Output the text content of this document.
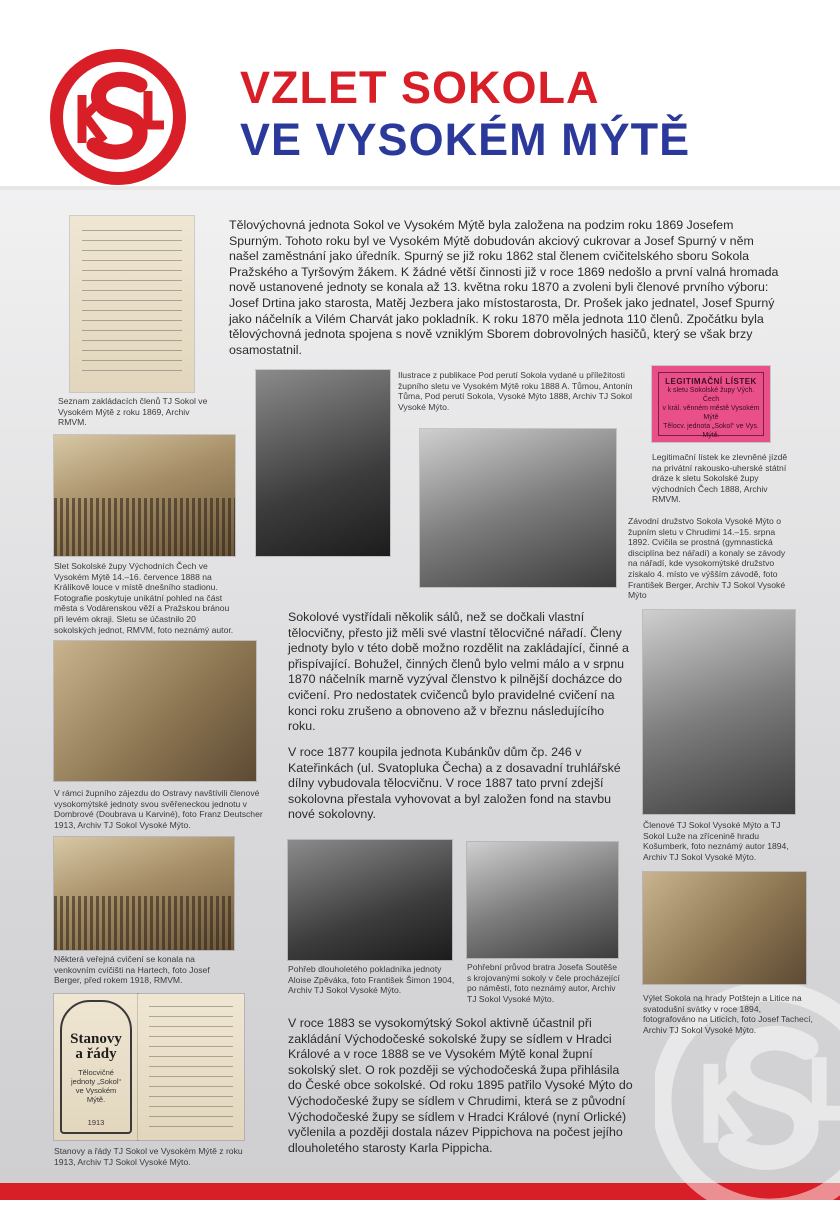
VZLET SOKOLA
VE VYSOKÉM MÝTĚ

Seznam zakládacích členů TJ Sokol ve Vysokém Mýtě z roku 1869, Archiv RMVM.

Tělovýchovná jednota Sokol ve Vysokém Mýtě byla založena na podzim roku 1869 Josefem Spurným. Tohoto roku byl ve Vysokém Mýtě dobudován akciový cukrovar a Josef Spurný v něm našel zaměstnání jako úředník. Spurný se již roku 1862 stal členem cvičitelského sboru Sokola Pražského a Tyršovým žákem. K žádné větší činnosti již v roce 1869 nedošlo a první valná hromada nově ustanovené jednoty se konala až 13. května roku 1870 a zvoleni byli členové prvního výboru: Josef Drtina jako starosta, Matěj Jezbera jako místostarosta, Dr. Prošek jako jednatel, Josef Spurný jako náčelník a Vilém Charvát jako pokladník. K roku 1870 měla jednota 110 členů. Zpočátku byla tělovýchovná jednota spojena s nově vzniklým Sborem dobrovolných hasičů, který se však brzy osamostatnil.

Ilustrace z publikace Pod perutí Sokola vydané u příležitosti župního sletu ve Vysokém Mýtě roku 1888 A. Tůmou, Antonín Tůma, Pod perutí Sokola, Vysoké Mýto 1888, Archiv TJ Sokol Vysoké Mýto.

LEGITIMAČNÍ LÍSTEK
k sletu Sokolské župy Vých. Čech
v král. věnném městě Vysokém Mýtě
Tělocv. jednota „Sokol“ ve Vys. Mýtě.

Legitimační lístek ke zlevněné jízdě na privátní rakousko-uherské státní dráze k sletu Sokolské župy východních Čech 1888, Archiv RMVM.

Slet Sokolské župy Východních Čech ve Vysokém Mýtě 14.–16. července 1888 na Králíkově louce v místě dnešního stadionu. Fotografie poskytuje unikátní pohled na část města s Vodárenskou věží a Pražskou bránou při levém okraji. Sletu se účastnilo 20 sokolských jednot, RMVM, foto neznámý autor.

Závodní družstvo Sokola Vysoké Mýto o župním sletu v Chrudimi 14.–15. srpna 1892. Cvičila se prostná (gymnastická disciplína bez nářadí) a konaly se závody na nářadí, kde vysokomýtské družstvo získalo 4. místo ve výšším závodě, foto František Berger, Archiv TJ Sokol Vysoké Mýto

Sokolové vystřídali několik sálů, než se dočkali vlastní tělocvičny, přesto již měli své vlastní tělocvičné nářadí. Členy jednoty bylo v této době možno rozdělit na zakládající, činné a přispívající. Bohužel, činných členů bylo velmi málo a v srpnu 1870 náčelník marně vyzýval členstvo k pilnější docházce do cvičení. Pro nedostatek cvičenců bylo pravidelné cvičení na konci roku zrušeno a obnoveno až v březnu následujícího roku.

V rámci župního zájezdu do Ostravy navštívili členové vysokomýtské jednoty svou svěřeneckou jednotu v Dombrové (Doubrava u Karviné), foto Franz Deutscher 1913, Archiv TJ Sokol Vysoké Mýto.	Členové TJ Sokol Vysoké Mýto a TJ Sokol Luže na zřícenině hradu Košumberk, foto neznámý autor 1894, Archiv TJ Sokol Vysoké Mýto.

V roce 1877 koupila jednota Kubánkův dům čp. 246 v Kateřinkách (ul. Svatopluka Čecha) a z dosavadní truhlářské dílny vybudovala tělocvičnu. V roce 1887 tato první zdejší sokolovna přestala vyhovovat a byl založen fond na stavbu nové sokolovny.

Některá veřejná cvičení se konala na venkovním cvičišti na Hartech, foto Josef Berger, před rokem 1918, RMVM.

Pohřeb dlouholetého pokladníka jednoty Aloise Zpěváka, foto František Šimon 1904, Archiv TJ Sokol Vysoké Mýto.

Pohřební průvod bratra Josefa Soutěše s krojovanými sokoly v čele procházející po náměstí, foto neznámý autor, Archiv TJ Sokol Vysoké Mýto.	Výlet Sokola na hrady Potštejn a Litice na svatodušní svátky v roce 1894, fotografováno na Liticích, foto Josef Tachecí, Archiv TJ Sokol Vysoké Mýto.

Stanovy a řády
Tělocvičné jednoty „Sokol“ ve Vysokém Mýtě.
1913

Stanovy a řády TJ Sokol ve Vysokém Mýtě z roku 1913, Archiv TJ Sokol Vysoké Mýto.

V roce 1883 se vysokomýtský Sokol aktivně účastnil při zakládání Východočeské sokolské župy se sídlem v Hradci Králové a v roce 1888 se ve Vysokém Mýtě konal župní sokolský slet. O rok později se východočeská župa přihlásila do České obce sokolské. Od roku 1895 patřilo Vysoké Mýto do Východočeské župy se sídlem v Chrudimi, která se z původní Východočeské župy se sídlem v Hradci Králové (nyní Orlické) vyčlenila a později dostala název Pippichova na počest jejího dlouholetého starosty Karla Pippicha.
